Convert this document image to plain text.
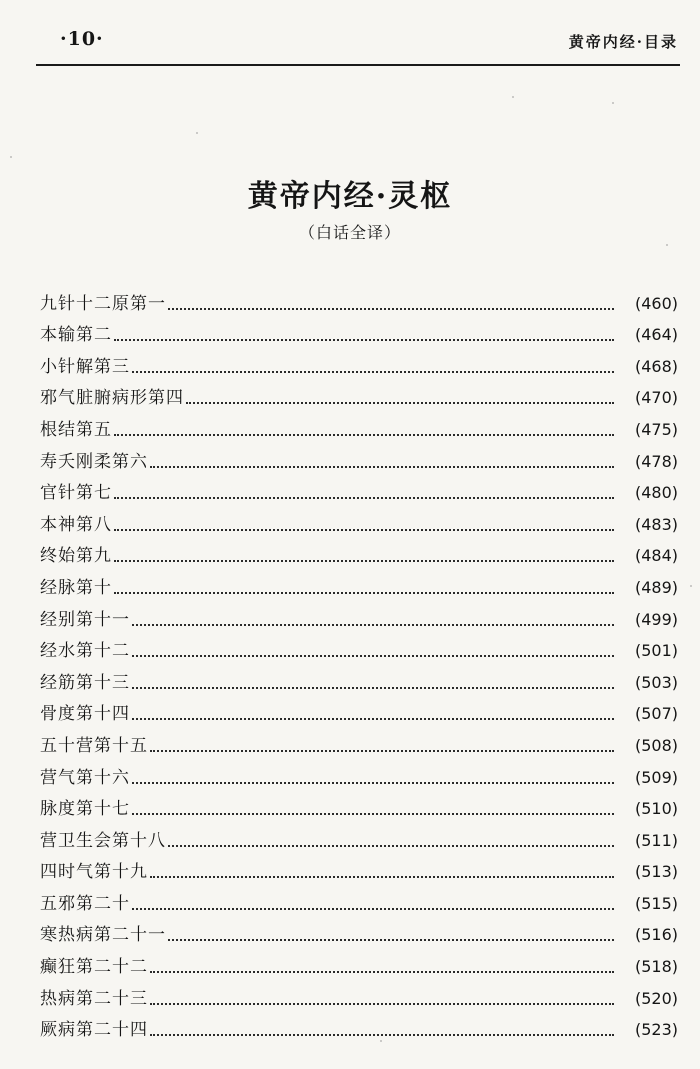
·10·	黄帝内经·目录
黄帝内经·灵枢
（白话全译）
九针十二原第一	(460)
本输第二	(464)
小针解第三	(468)
邪气脏腑病形第四	(470)
根结第五	(475)
寿夭刚柔第六	(478)
官针第七	(480)
本神第八	(483)
终始第九	(484)
经脉第十	(489)
经别第十一	(499)
经水第十二	(501)
经筋第十三	(503)
骨度第十四	(507)
五十营第十五	(508)
营气第十六	(509)
脉度第十七	(510)
营卫生会第十八	(511)
四时气第十九	(513)
五邪第二十	(515)
寒热病第二十一	(516)
癫狂第二十二	(518)
热病第二十三	(520)
厥病第二十四	(523)
